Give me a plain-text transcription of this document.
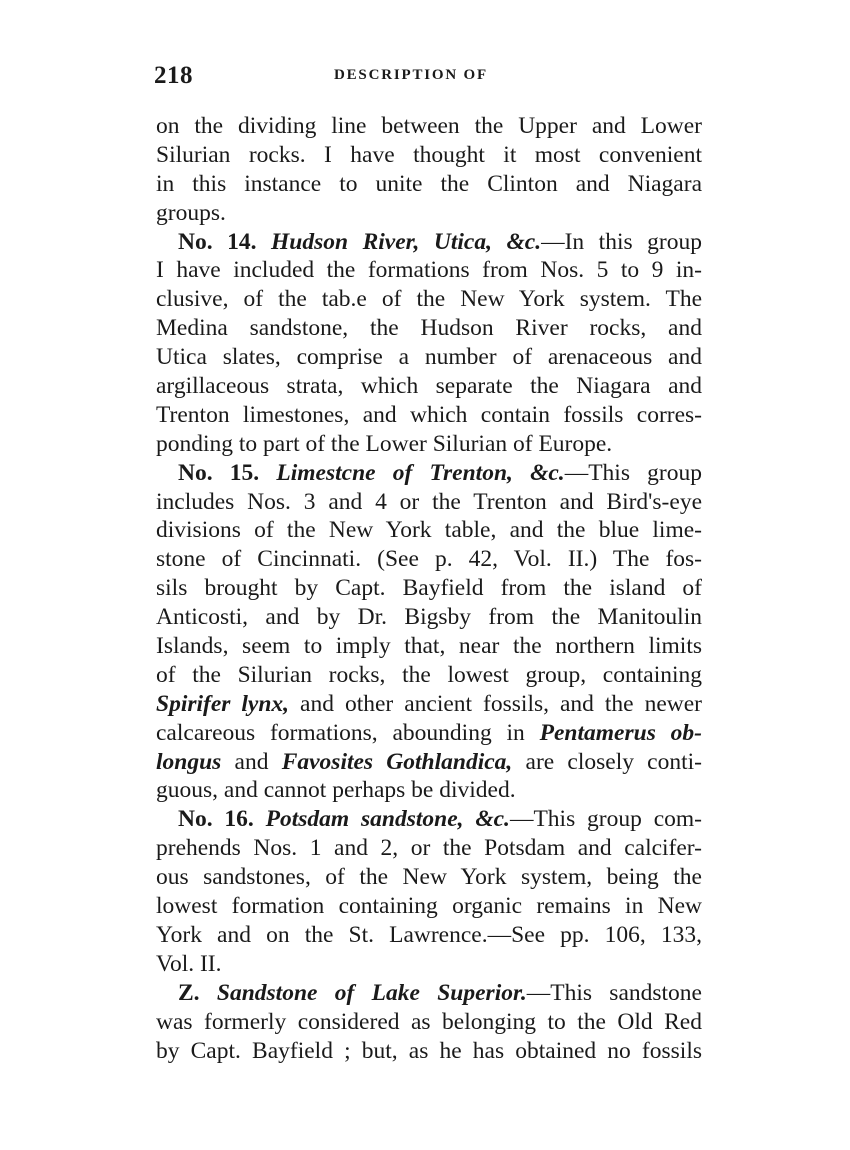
218	DESCRIPTION OF
on the dividing line between the Upper and Lower
Silurian rocks. I have thought it most convenient
in this instance to unite the Clinton and Niagara
groups.
No. 14. Hudson River, Utica, &c.—In this group
I have included the formations from Nos. 5 to 9 in-
clusive, of the tab.e of the New York system. The
Medina sandstone, the Hudson River rocks, and
Utica slates, comprise a number of arenaceous and
argillaceous strata, which separate the Niagara and
Trenton limestones, and which contain fossils corres-
ponding to part of the Lower Silurian of Europe.
No. 15. Limestcne of Trenton, &c.—This group
includes Nos. 3 and 4 or the Trenton and Bird's-eye
divisions of the New York table, and the blue lime-
stone of Cincinnati. (See p. 42, Vol. II.) The fos-
sils brought by Capt. Bayfield from the island of
Anticosti, and by Dr. Bigsby from the Manitoulin
Islands, seem to imply that, near the northern limits
of the Silurian rocks, the lowest group, containing
Spirifer lynx, and other ancient fossils, and the newer
calcareous formations, abounding in Pentamerus ob-
longus and Favosites Gothlandica, are closely conti-
guous, and cannot perhaps be divided.
No. 16. Potsdam sandstone, &c.—This group com-
prehends Nos. 1 and 2, or the Potsdam and calcifer-
ous sandstones, of the New York system, being the
lowest formation containing organic remains in New
York and on the St. Lawrence.—See pp. 106, 133,
Vol. II.
Z. Sandstone of Lake Superior.—This sandstone
was formerly considered as belonging to the Old Red
by Capt. Bayfield ; but, as he has obtained no fossils
